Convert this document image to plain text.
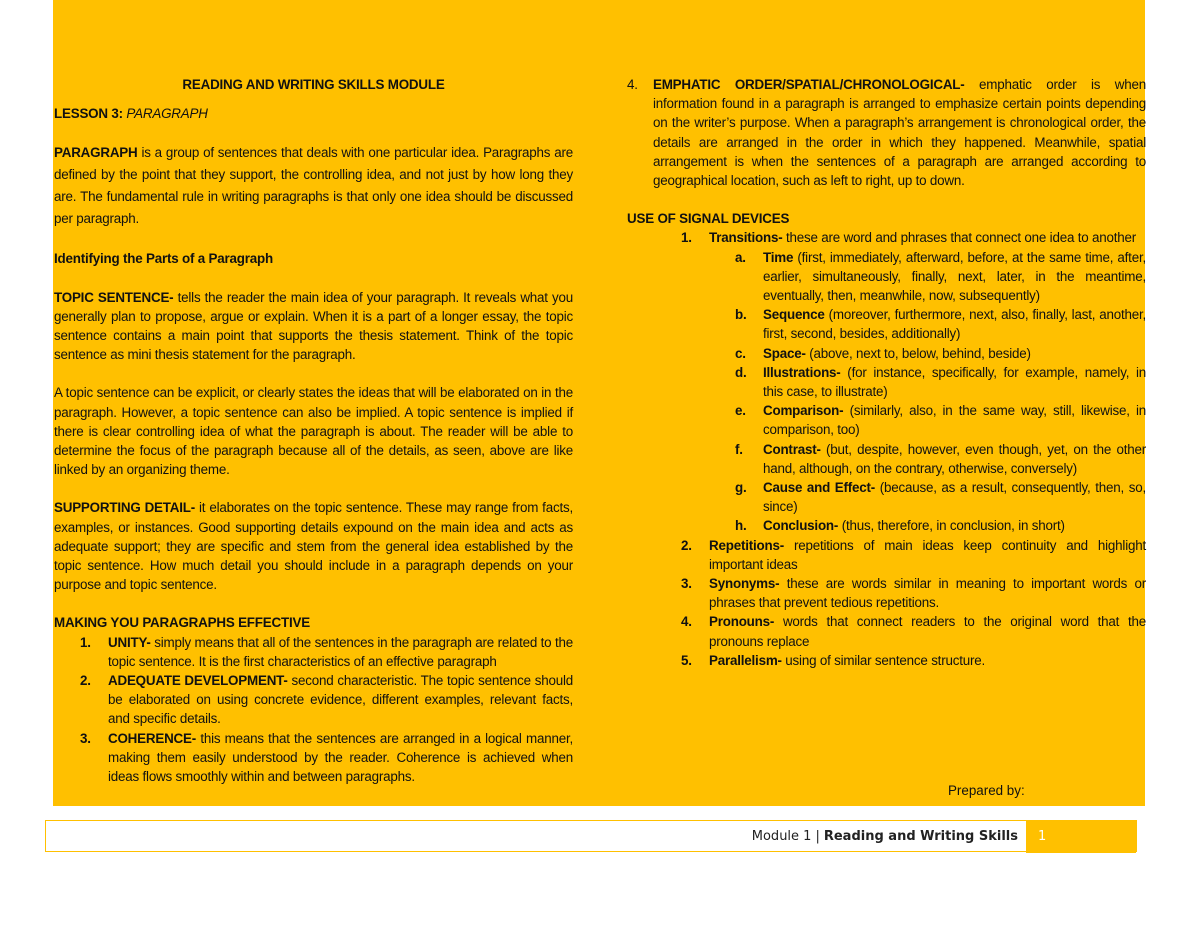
READING AND WRITING SKILLS MODULE

LESSON 3: PARAGRAPH

PARAGRAPH is a group of sentences that deals with one particular idea. Paragraphs are defined by the point that they support, the controlling idea, and not just by how long they are. The fundamental rule in writing paragraphs is that only one idea should be discussed per paragraph.

Identifying the Parts of a Paragraph

TOPIC SENTENCE- tells the reader the main idea of your paragraph. It reveals what you generally plan to propose, argue or explain. When it is a part of a longer essay, the topic sentence contains a main point that supports the thesis statement. Think of the topic sentence as mini thesis statement for the paragraph.

A topic sentence can be explicit, or clearly states the ideas that will be elaborated on in the paragraph. However, a topic sentence can also be implied. A topic sentence is implied if there is clear controlling idea of what the paragraph is about. The reader will be able to determine the focus of the paragraph because all of the details, as seen, above are like linked by an organizing theme.

SUPPORTING DETAIL- it elaborates on the topic sentence. These may range from facts, examples, or instances. Good supporting details expound on the main idea and acts as adequate support; they are specific and stem from the general idea established by the topic sentence. How much detail you should include in a paragraph depends on your purpose and topic sentence.

MAKING YOU PARAGRAPHS EFFECTIVE

1.	UNITY- simply means that all of the sentences in the paragraph are related to the topic sentence. It is the first characteristics of an effective paragraph
2.	ADEQUATE DEVELOPMENT- second characteristic. The topic sentence should be elaborated on using concrete evidence, different examples, relevant facts, and specific details.
3.	COHERENCE- this means that the sentences are arranged in a logical manner, making them easily understood by the reader. Coherence is achieved when ideas flows smoothly within and between paragraphs.
4.	EMPHATIC ORDER/SPATIAL/CHRONOLOGICAL- emphatic order is when information found in a paragraph is arranged to emphasize certain points depending on the writer’s purpose. When a paragraph’s arrangement is chronological order, the details are arranged in the order in which they happened. Meanwhile, spatial arrangement is when the sentences of a paragraph are arranged according to geographical location, such as left to right, up to down.

USE OF SIGNAL DEVICES

1.	Transitions- these are word and phrases that connect one idea to another
a.	Time (first, immediately, afterward, before, at the same time, after, earlier, simultaneously, finally, next, later, in the meantime, eventually, then, meanwhile, now, subsequently)
b.	Sequence (moreover, furthermore, next, also, finally, last, another, first, second, besides, additionally)
c.	Space- (above, next to, below, behind, beside)
d.	Illustrations- (for instance, specifically, for example, namely, in this case, to illustrate)
e.	Comparison- (similarly, also, in the same way, still, likewise, in comparison, too)
f.	Contrast- (but, despite, however, even though, yet, on the other hand, although, on the contrary, otherwise, conversely)
g.	Cause and Effect- (because, as a result, consequently, then, so, since)
h.	Conclusion- (thus, therefore, in conclusion, in short)
2.	Repetitions- repetitions of main ideas keep continuity and highlight important ideas
3.	Synonyms- these are words similar in meaning to important words or phrases that prevent tedious repetitions.
4.	Pronouns- words that connect readers to the original word that the pronouns replace
5.	Parallelism- using of similar sentence structure.
Prepared by:
Module 1 | Reading and Writing Skills	1
